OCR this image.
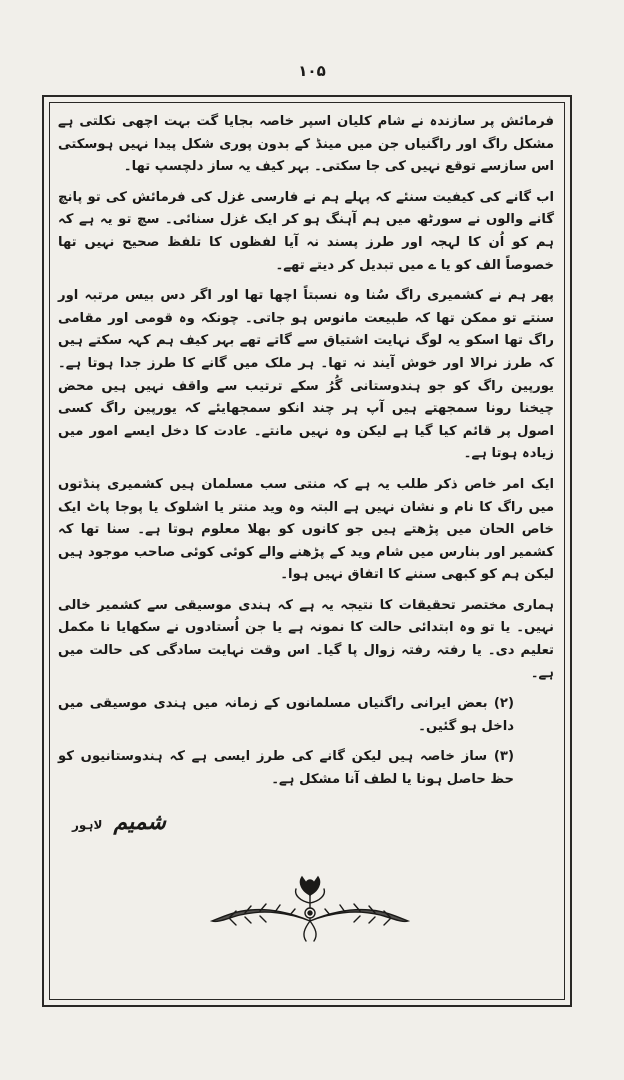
۱۰۵

فرمائش پر سازندہ نے شام کلیان اسپر خاصہ بجایا گت بہت اچھی نکلتی ہے مشکل راگ اور راگنیاں جن میں مینڈ کے بدون پوری شکل پیدا نہیں ہوسکتی اس سازسے توقع نہیں کی جا سکتی۔ بہر کیف یہ ساز دلچسپ تھا۔

اب گانے کی کیفیت سنئے کہ پہلے ہم نے فارسی غزل کی فرمائش کی تو پانچ گانے والوں نے سورٹھ میں ہم آہنگ ہو کر ایک غزل سنائی۔ سچ تو یہ ہے کہ ہم کو اُن کا لہجہ اور طرز پسند نہ آیا لفظوں کا تلفظ صحیح نہیں تھا خصوصاً الف کو یا ے میں تبدیل کر دیتے تھے۔

پھر ہم نے کشمیری راگ سُنا وہ نسبتاً اچھا تھا اور اگر دس بیس مرتبہ اور سنتے تو ممکن تھا کہ طبیعت مانوس ہو جاتی۔ چونکہ وہ قومی اور مقامی راگ تھا اسکو یہ لوگ نہایت اشتیاق سے گاتے تھے بہر کیف ہم کہہ سکتے ہیں کہ طرز نرالا اور خوش آیند نہ تھا۔ ہر ملک میں گانے کا طرز جدا ہوتا ہے۔ یورپین راگ کو جو ہندوستانی گُرُ سکے ترتیب سے واقف نہیں ہیں محض چیخنا رونا سمجھتے ہیں آپ ہر چند انکو سمجھایئے کہ یورپین راگ کسی اصول پر قائم کیا گیا ہے لیکن وہ نہیں مانتے۔ عادت کا دخل ایسے امور میں زیادہ ہوتا ہے۔

ایک امر خاص ذکر طلب یہ ہے کہ منتی سب مسلمان ہیں کشمیری پنڈتوں میں راگ کا نام و نشان نہیں ہے البتہ وہ وید منتر یا اشلوک یا پوجا پاٹ ایک خاص الحان میں پڑھتے ہیں جو کانوں کو بھلا معلوم ہوتا ہے۔ سنا تھا کہ کشمیر اور بنارس میں شام وید کے پڑھنے والے کوئی کوئی صاحب موجود ہیں لیکن ہم کو کبھی سننے کا اتفاق نہیں ہوا۔

ہماری مختصر تحقیقات کا نتیجہ یہ ہے کہ ہندی موسیقی سے کشمیر خالی نہیں۔ یا تو وہ ابتدائی حالت کا نمونہ ہے یا جن اُستادوں نے سکھایا نا مکمل تعلیم دی۔ یا رفتہ رفتہ زوال پا گیا۔ اس وقت نہایت سادگی کی حالت میں ہے۔

(۲) بعض ایرانی راگنیاں مسلمانوں کے زمانہ میں ہندی موسیقی میں داخل ہو گئیں۔

(۳) ساز خاصہ ہیں لیکن گانے کی طرز ایسی ہے کہ ہندوستانیوں کو حظ حاصل ہونا یا لطف آنا مشکل ہے۔

شمیم لاہور
